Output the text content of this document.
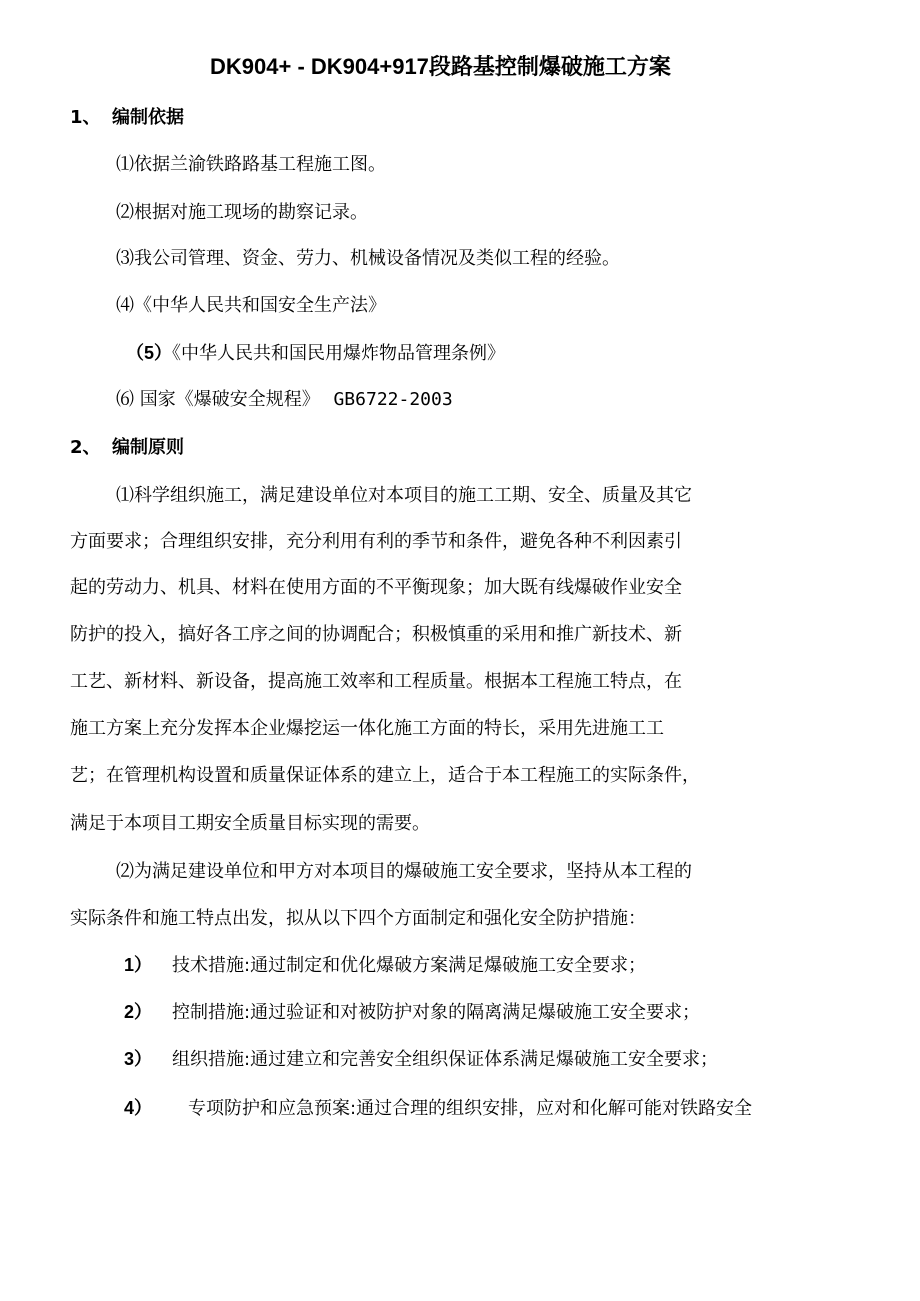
DK904+ - DK904+917段路基控制爆破施工方案
1、 编制依据
⑴依据兰渝铁路路基工程施工图。
⑵根据对施工现场的勘察记录。
⑶我公司管理、资金、劳力、机械设备情况及类似工程的经验。
⑷《中华人民共和国安全生产法》
（5）《中华人民共和国民用爆炸物品管理条例》
⑹ 国家《爆破安全规程》 GB6722-2003
2、 编制原则
⑴科学组织施工，满足建设单位对本项目的施工工期、安全、质量及其它
方面要求；合理组织安排，充分利用有利的季节和条件，避免各种不利因素引
起的劳动力、机具、材料在使用方面的不平衡现象；加大既有线爆破作业安全
防护的投入，搞好各工序之间的协调配合；积极慎重的采用和推广新技术、新
工艺、新材料、新设备，提高施工效率和工程质量。根据本工程施工特点，在
施工方案上充分发挥本企业爆挖运一体化施工方面的特长，采用先进施工工
艺；在管理机构设置和质量保证体系的建立上，适合于本工程施工的实际条件，
满足于本项目工期安全质量目标实现的需要。
⑵为满足建设单位和甲方对本项目的爆破施工安全要求，坚持从本工程的
实际条件和施工特点出发，拟从以下四个方面制定和强化安全防护措施：
1） 技术措施:通过制定和优化爆破方案满足爆破施工安全要求；
2） 控制措施:通过验证和对被防护对象的隔离满足爆破施工安全要求；
3） 组织措施:通过建立和完善安全组织保证体系满足爆破施工安全要求；
4） 专项防护和应急预案:通过合理的组织安排，应对和化解可能对铁路安全
